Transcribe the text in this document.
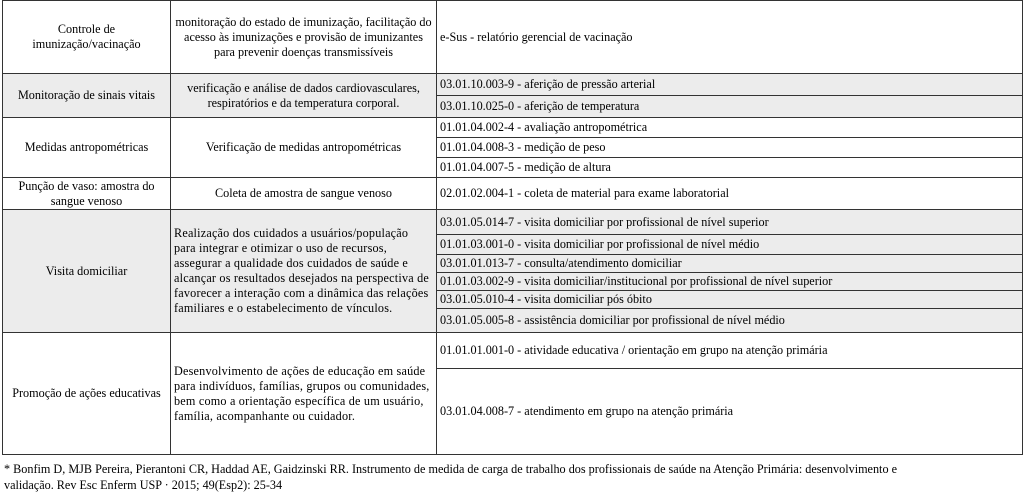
Controle de imunização/vacinação	monitoração do estado de imunização, facilitação do acesso às imunizações e provisão de imunizantes para prevenir doenças transmissíveis	e-Sus - relatório gerencial de vacinação
Monitoração de sinais vitais	verificação e análise de dados cardiovasculares, respiratórios e da temperatura corporal.	03.01.10.003-9 - aferição de pressão arterial
		03.01.10.025-0 - aferição de temperatura
Medidas antropométricas	Verificação de medidas antropométricas	01.01.04.002-4 - avaliação antropométrica
		01.01.04.008-3 - medição de peso
		01.01.04.007-5 - medição de altura
Punção de vaso: amostra do sangue venoso	Coleta de amostra de sangue venoso	02.01.02.004-1 - coleta de material para exame laboratorial
Visita domiciliar	Realização dos cuidados a usuários/população para integrar e otimizar o uso de recursos, assegurar a qualidade dos cuidados de saúde e alcançar os resultados desejados na perspectiva de favorecer a interação com a dinâmica das relações familiares e o estabelecimento de vínculos.	03.01.05.014-7 - visita domiciliar por profissional de nível superior
		01.01.03.001-0 - visita domiciliar por profissional de nível médio
		03.01.01.013-7 - consulta/atendimento domiciliar
		01.01.03.002-9 - visita domiciliar/institucional por profissional de nível superior
		03.01.05.010-4 - visita domiciliar pós óbito
		03.01.05.005-8 - assistência domiciliar por profissional de nível médio
Promoção de ações educativas	Desenvolvimento de ações de educação em saúde para indivíduos, famílias, grupos ou comunidades, bem como a orientação específica de um usuário, família, acompanhante ou cuidador.	01.01.01.001-0 - atividade educativa / orientação em grupo na atenção primária
		03.01.04.008-7 - atendimento em grupo na atenção primária
* Bonfim D, MJB Pereira, Pierantoni CR, Haddad AE, Gaidzinski RR. Instrumento de medida de carga de trabalho dos profissionais de saúde na Atenção Primária: desenvolvimento e
validação. Rev Esc Enferm USP · 2015; 49(Esp2): 25-34
